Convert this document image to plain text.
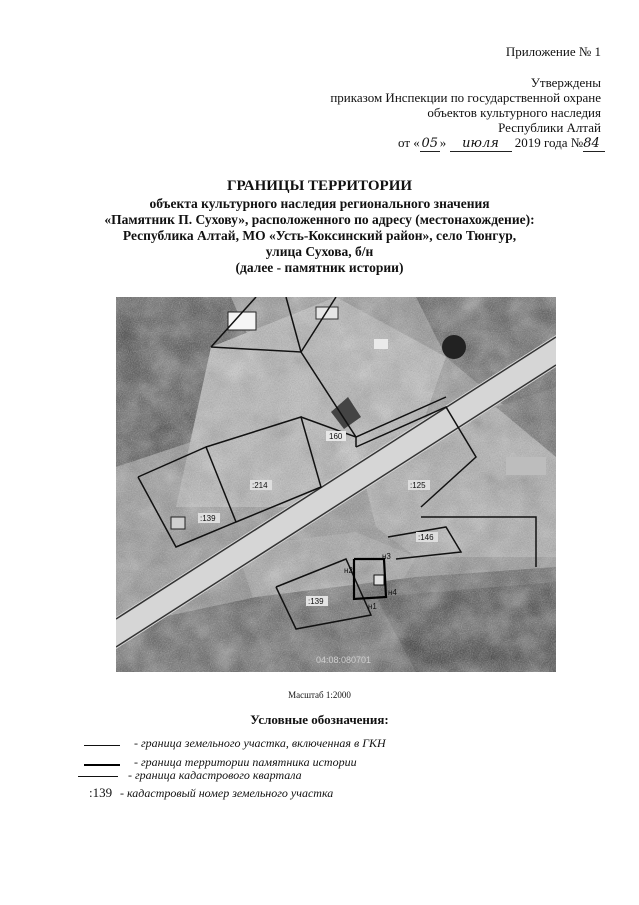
Приложение № 1
Утверждены
приказом Инспекции по государственной охране
объектов культурного наследия
Республики Алтай
от « 05 » июля 2019 года №84
ГРАНИЦЫ ТЕРРИТОРИИ
объекта культурного наследия регионального значения
«Памятник П. Сухову», расположенного по адресу (местонахождение):
Республика Алтай, МО «Усть-Коксинский район», село Тюнгур,
улица Сухова, б/н
(далее - памятник истории)
160
:214
:139
:125
:146
:139
н3
н4
н2
н1
04:08:080701
Масштаб 1:2000
Условные обозначения:
- граница земельного участка, включенная в ГКН
- граница территории памятника истории
- граница кадастрового квартала
:139 - кадастровый номер земельного участка
